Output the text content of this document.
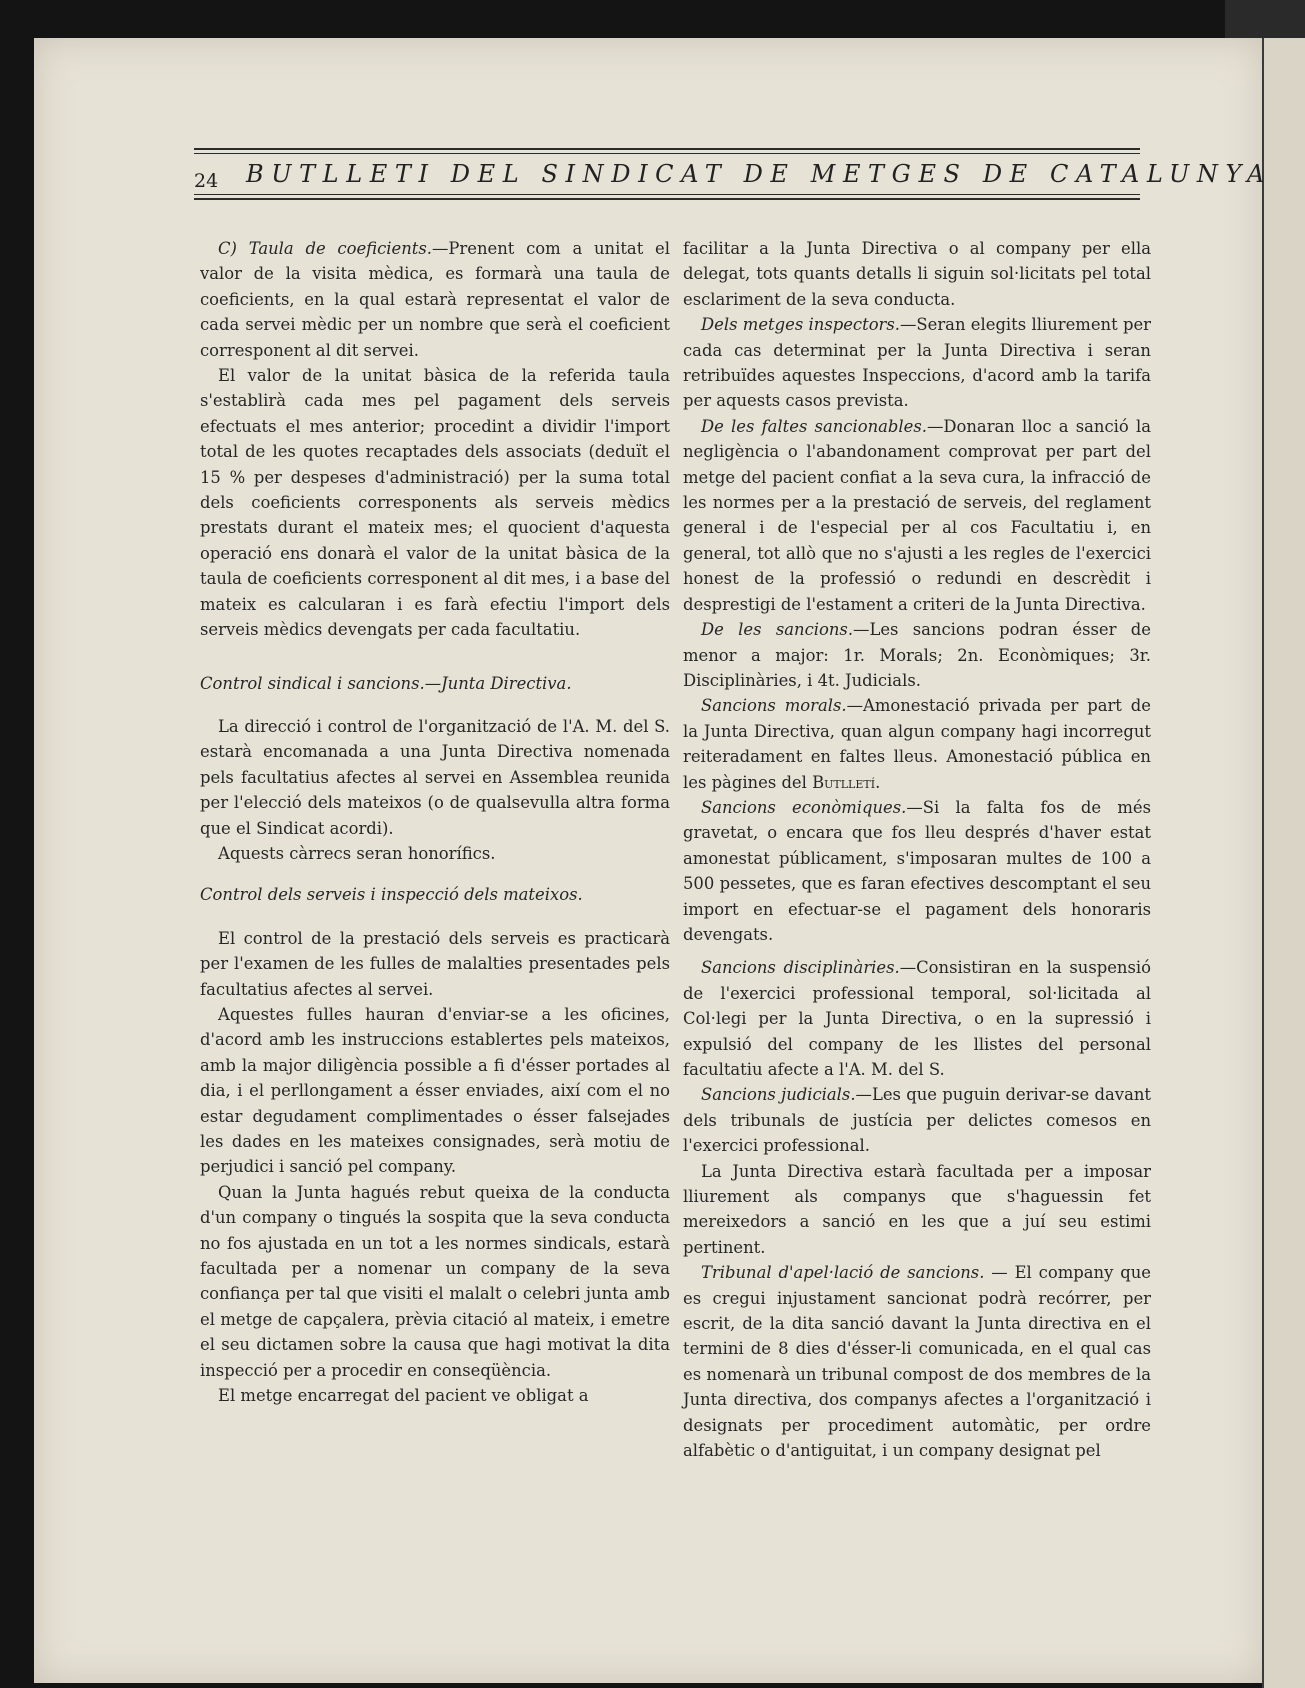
24 BUTLLETI DEL SINDICAT DE METGES DE CATALUNYA

C) Taula de coeficients.—Prenent com a unitat el valor de la visita mèdica, es formarà una taula de coeficients, en la qual estarà representat el valor de cada servei mèdic per un nombre que serà el coeficient corresponent al dit servei.

El valor de la unitat bàsica de la referida taula s'establirà cada mes pel pagament dels serveis efectuats el mes anterior; procedint a dividir l'import total de les quotes recaptades dels associats (deduït el 15 % per despeses d'administració) per la suma total dels coeficients corresponents als serveis mèdics prestats durant el mateix mes; el quocient d'aquesta operació ens donarà el valor de la unitat bàsica de la taula de coeficients corresponent al dit mes, i a base del mateix es calcularan i es farà efectiu l'import dels serveis mèdics devengats per cada facultatiu.

Control sindical i sancions.—Junta Directiva.

La direcció i control de l'organització de l'A. M. del S. estarà encomanada a una Junta Directiva nomenada pels facultatius afectes al servei en Assemblea reunida per l'elecció dels mateixos (o de qualsevulla altra forma que el Sindicat acordi).

Aquests càrrecs seran honorífics.

Control dels serveis i inspecció dels mateixos.

El control de la prestació dels serveis es practicarà per l'examen de les fulles de malalties presentades pels facultatius afectes al servei.

Aquestes fulles hauran d'enviar-se a les oficines, d'acord amb les instruccions establertes pels mateixos, amb la major diligència possible a fi d'ésser portades al dia, i el perllongament a ésser enviades, així com el no estar degudament complimentades o ésser falsejades les dades en les mateixes consignades, serà motiu de perjudici i sanció pel company.

Quan la Junta hagués rebut queixa de la conducta d'un company o tingués la sospita que la seva conducta no fos ajustada en un tot a les normes sindicals, estarà facultada per a nomenar un company de la seva confiança per tal que visiti el malalt o celebri junta amb el metge de capçalera, prèvia citació al mateix, i emetre el seu dictamen sobre la causa que hagi motivat la dita inspecció per a procedir en conseqüència.

El metge encarregat del pacient ve obligat a

facilitar a la Junta Directiva o al company per ella delegat, tots quants detalls li siguin sol·licitats pel total esclariment de la seva conducta.

Dels metges inspectors.—Seran elegits lliurement per cada cas determinat per la Junta Directiva i seran retribuïdes aquestes Inspeccions, d'acord amb la tarifa per aquests casos prevista.

De les faltes sancionables.—Donaran lloc a sanció la negligència o l'abandonament comprovat per part del metge del pacient confiat a la seva cura, la infracció de les normes per a la prestació de serveis, del reglament general i de l'especial per al cos Facultatiu i, en general, tot allò que no s'ajusti a les regles de l'exercici honest de la professió o redundi en descrèdit i desprestigi de l'estament a criteri de la Junta Directiva.

De les sancions.—Les sancions podran ésser de menor a major: 1r. Morals; 2n. Econòmiques; 3r. Disciplinàries, i 4t. Judicials.

Sancions morals.—Amonestació privada per part de la Junta Directiva, quan algun company hagi incorregut reiteradament en faltes lleus. Amonestació pública en les pàgines del Butlletí.

Sancions econòmiques.—Si la falta fos de més gravetat, o encara que fos lleu després d'haver estat amonestat públicament, s'imposaran multes de 100 a 500 pessetes, que es faran efectives descomptant el seu import en efectuar-se el pagament dels honoraris devengats.

Sancions disciplinàries.—Consistiran en la suspensió de l'exercici professional temporal, sol·licitada al Col·legi per la Junta Directiva, o en la supressió i expulsió del company de les llistes del personal facultatiu afecte a l'A. M. del S.

Sancions judicials.—Les que puguin derivar-se davant dels tribunals de justícia per delictes comesos en l'exercici professional.

La Junta Directiva estarà facultada per a imposar lliurement als companys que s'haguessin fet mereixedors a sanció en les que a juí seu estimi pertinent.

Tribunal d'apel·lació de sancions. — El company que es cregui injustament sancionat podrà recórrer, per escrit, de la dita sanció davant la Junta directiva en el termini de 8 dies d'ésser-li comunicada, en el qual cas es nomenarà un tribunal compost de dos membres de la Junta directiva, dos companys afectes a l'organització i designats per procediment automàtic, per ordre alfabètic o d'antiguitat, i un company designat pel
